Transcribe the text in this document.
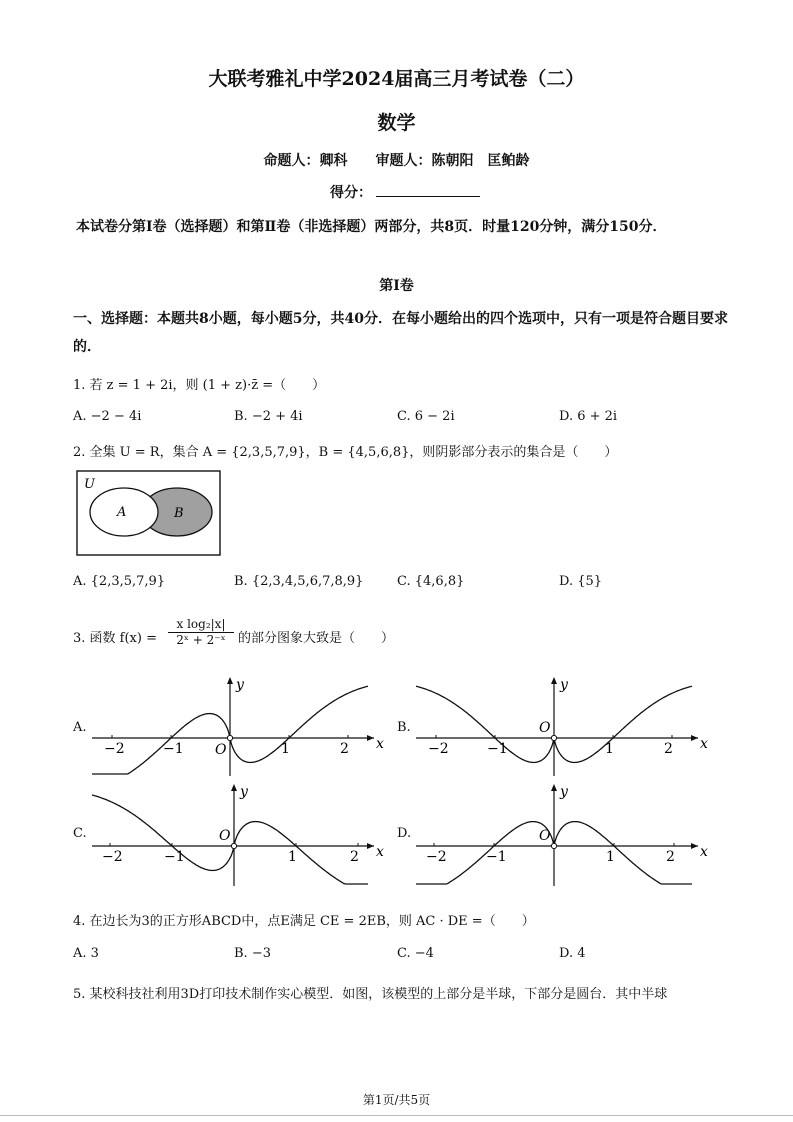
大联考雅礼中学2024届高三月考试卷（二）
数学
命题人：卿科　　审题人：陈朝阳　匡鲌龄
得分：
本试卷分第Ⅰ卷（选择题）和第Ⅱ卷（非选择题）两部分，共8页．时量120分钟，满分150分．
第Ⅰ卷
一、选择题：本题共8小题，每小题5分，共40分．在每小题给出的四个选项中，只有一项是符合题目要求的．
1. 若 z = 1 + 2i，则 (1 + z)·z̄ =（　　）
A. −2 − 4i	B. −2 + 4i	C. 6 − 2i	D. 6 + 2i
2. 全集 U = R，集合 A = {2,3,5,7,9}，B = {4,5,6,8}，则阴影部分表示的集合是（　　）
U
A	B
A. {2,3,5,7,9}	B. {2,3,4,5,6,7,8,9}	C. {4,6,8}	D. {5}
3. 函数 $f(x) = \frac{\text{x log₂|x|}}{\text{2ˣ + 2⁻ˣ}}$ 的部分图象大致是（　　）
A.	B.
C.	D.
x
y
O
−2	−1	1	2	x
y
O
−2	−1	1	2
x
y
O
−2	−1	1	2	x
y
O
−2	−1	1	2
4. 在边长为3的正方形ABCD中，点E满足 CE = 2EB，则 AC · DE =（　　）
A. 3	B. −3	C. −4	D. 4
5. 某校科技社利用3D打印技术制作实心模型．如图，该模型的上部分是半球，下部分是圆台．其中半球
第1页/共5页
